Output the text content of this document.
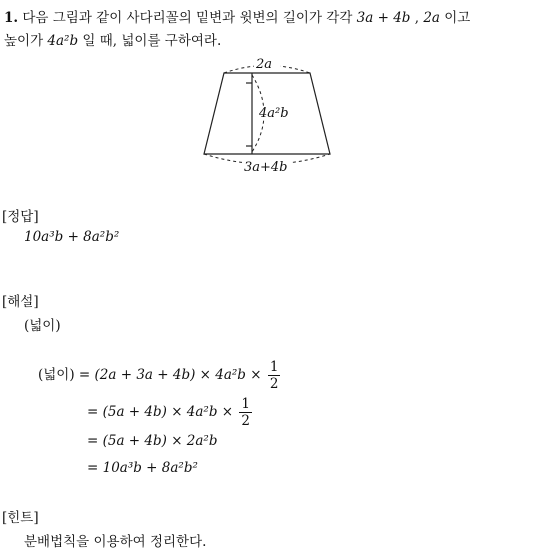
1. 다음 그림과 같이 사다리꼴의 밑변과 윗변의 길이가 각각 3a + 4b , 2a 이고
높이가 4a²b 일 때, 넓이를 구하여라.
2a
4a²b
3a+4b
[정답]
10a³b + 8a²b²
[해설]
(넓이)
(넓이) = $(2a + 3a + 4b) \times 4a^2b \times \frac{1}{2}$
= $(5a + 4b) \times 4a^2b \times \frac{1}{2}$
= (5a + 4b) × 2a²b
= 10a³b + 8a²b²
[힌트]
분배법칙을 이용하여 정리한다.
